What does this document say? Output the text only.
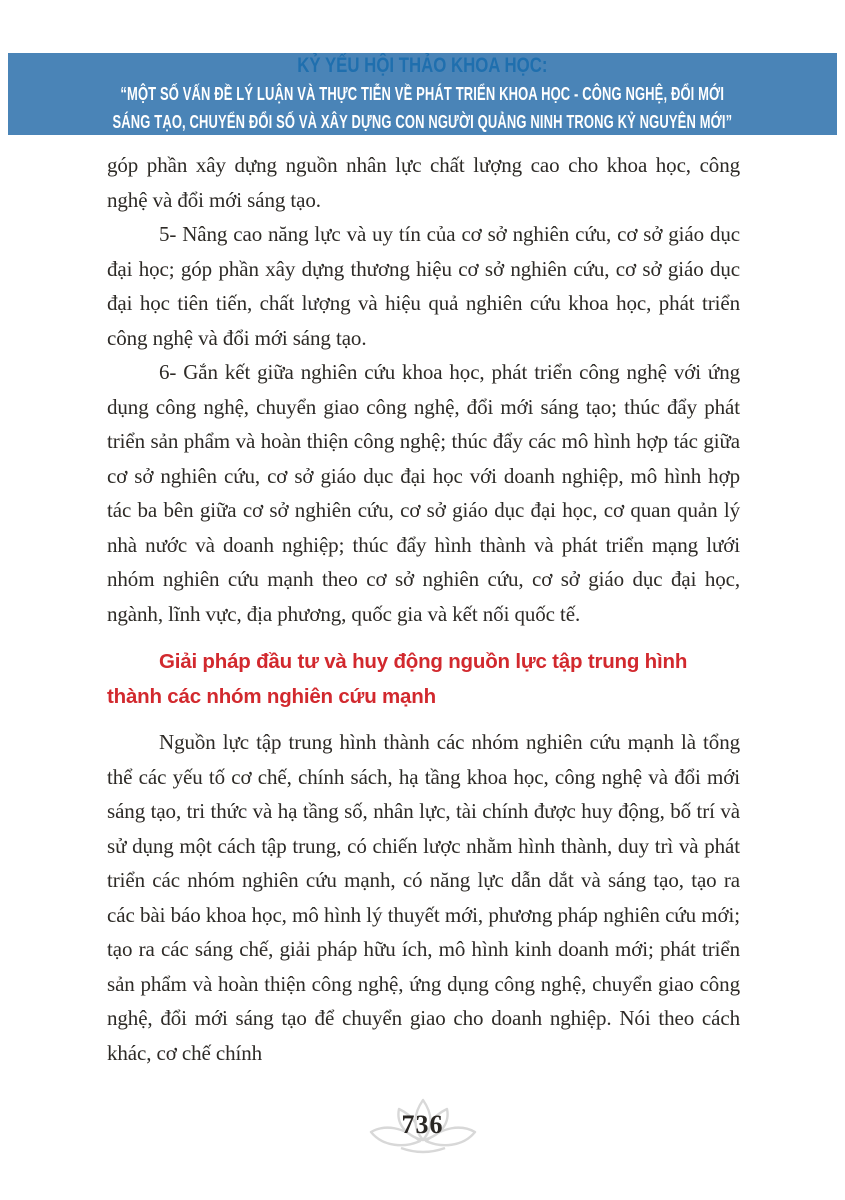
KỶ YẾU HỘI THẢO KHOA HỌC:
“MỘT SỐ VẤN ĐỀ LÝ LUẬN VÀ THỰC TIỄN VỀ PHÁT TRIỂN KHOA HỌC - CÔNG NGHỆ, ĐỔI MỚI
SÁNG TẠO, CHUYỂN ĐỔI SỐ VÀ XÂY DỰNG CON NGƯỜI QUẢNG NINH TRONG KỶ NGUYÊN MỚI”

góp phần xây dựng nguồn nhân lực chất lượng cao cho khoa học, công nghệ và đổi mới sáng tạo.

5- Nâng cao năng lực và uy tín của cơ sở nghiên cứu, cơ sở giáo dục đại học; góp phần xây dựng thương hiệu cơ sở nghiên cứu, cơ sở giáo dục đại học tiên tiến, chất lượng và hiệu quả nghiên cứu khoa học, phát triển công nghệ và đổi mới sáng tạo.

6- Gắn kết giữa nghiên cứu khoa học, phát triển công nghệ với ứng dụng công nghệ, chuyển giao công nghệ, đổi mới sáng tạo; thúc đẩy phát triển sản phẩm và hoàn thiện công nghệ; thúc đẩy các mô hình hợp tác giữa cơ sở nghiên cứu, cơ sở giáo dục đại học với doanh nghiệp, mô hình hợp tác ba bên giữa cơ sở nghiên cứu, cơ sở giáo dục đại học, cơ quan quản lý nhà nước và doanh nghiệp; thúc đẩy hình thành và phát triển mạng lưới nhóm nghiên cứu mạnh theo cơ sở nghiên cứu, cơ sở giáo dục đại học, ngành, lĩnh vực, địa phương, quốc gia và kết nối quốc tế.

Giải pháp đầu tư và huy động nguồn lực tập trung hình thành các nhóm nghiên cứu mạnh

Nguồn lực tập trung hình thành các nhóm nghiên cứu mạnh là tổng thể các yếu tố cơ chế, chính sách, hạ tầng khoa học, công nghệ và đổi mới sáng tạo, tri thức và hạ tầng số, nhân lực, tài chính được huy động, bố trí và sử dụng một cách tập trung, có chiến lược nhằm hình thành, duy trì và phát triển các nhóm nghiên cứu mạnh, có năng lực dẫn dắt và sáng tạo, tạo ra các bài báo khoa học, mô hình lý thuyết mới, phương pháp nghiên cứu mới; tạo ra các sáng chế, giải pháp hữu ích, mô hình kinh doanh mới; phát triển sản phẩm và hoàn thiện công nghệ, ứng dụng công nghệ, chuyển giao công nghệ, đổi mới sáng tạo để chuyển giao cho doanh nghiệp. Nói theo cách khác, cơ chế chính

736
